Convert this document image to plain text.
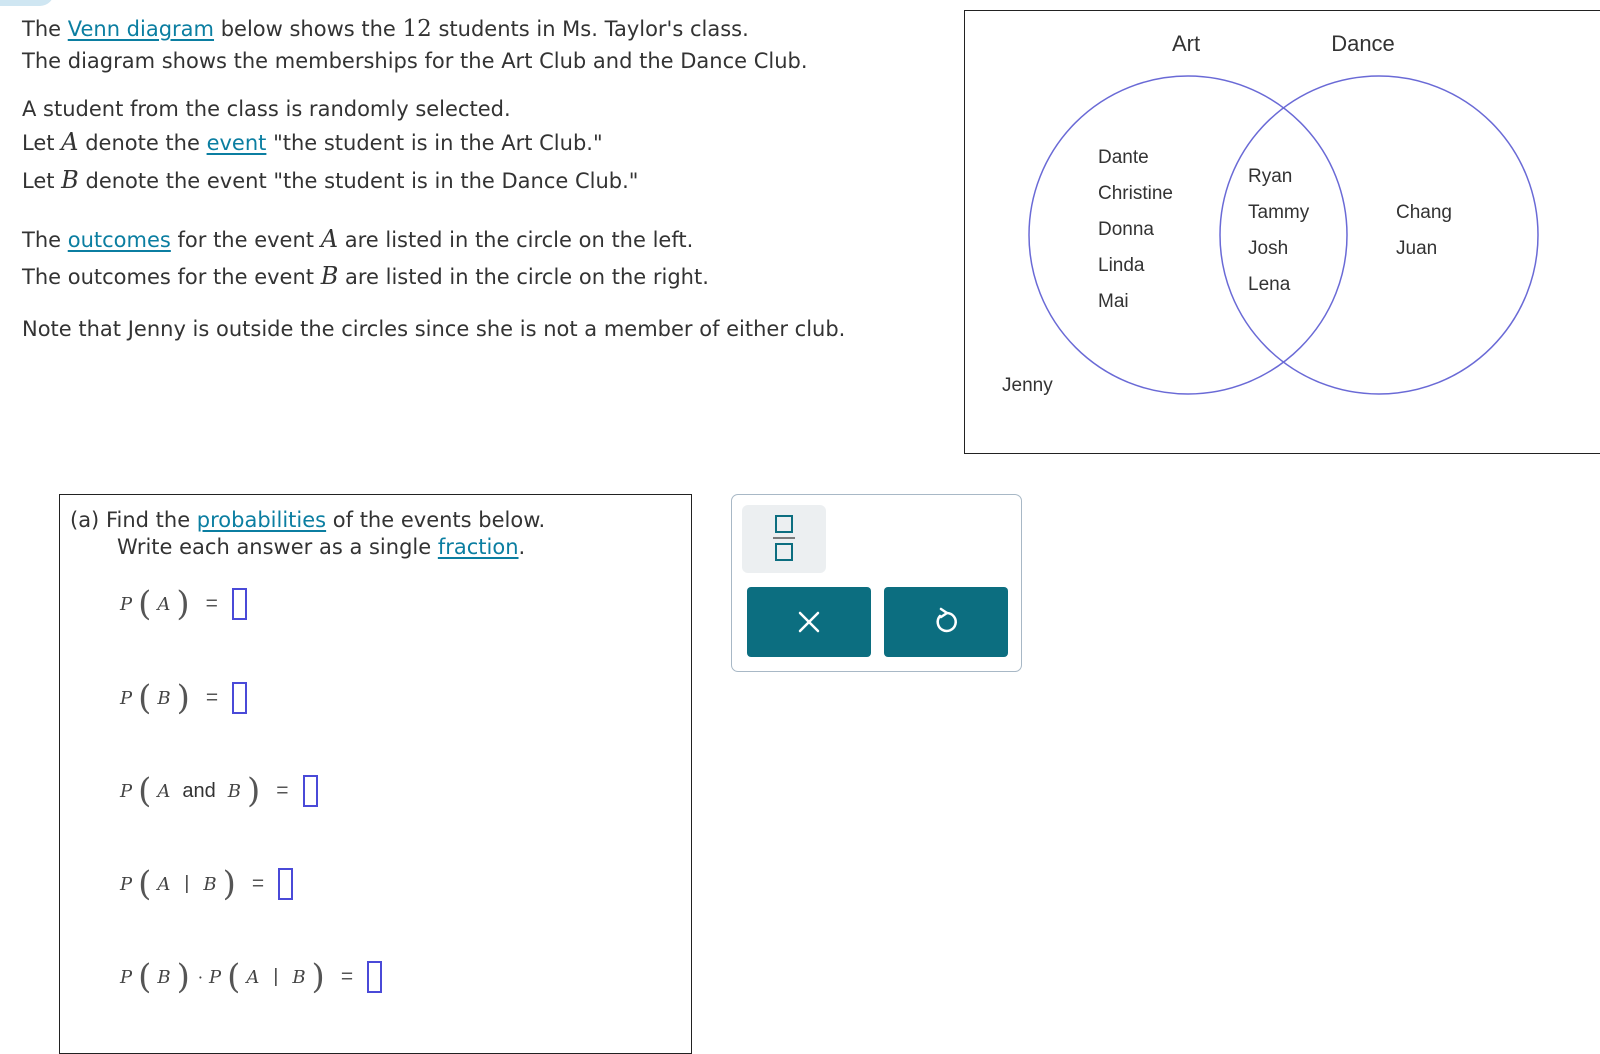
The Venn diagram below shows the 12 students in Ms. Taylor's class.
The diagram shows the memberships for the Art Club and the Dance Club.
A student from the class is randomly selected.
Let A denote the event "the student is in the Art Club."
Let B denote the event "the student is in the Dance Club."
The outcomes for the event A are listed in the circle on the left.
The outcomes for the event B are listed in the circle on the right.
Note that Jenny is outside the circles since she is not a member of either club.
Art	Dance
Dante
Christine
Donna
Linda
Mai
Ryan
Tammy
Josh
Lena
Chang
Juan
Jenny
(a) Find the probabilities of the events below.
Write each answer as a single fraction.
P ( A ) =
P ( B ) =
P ( A and B ) =
P ( A | B ) =
P ( B ) · P ( A | B ) =
